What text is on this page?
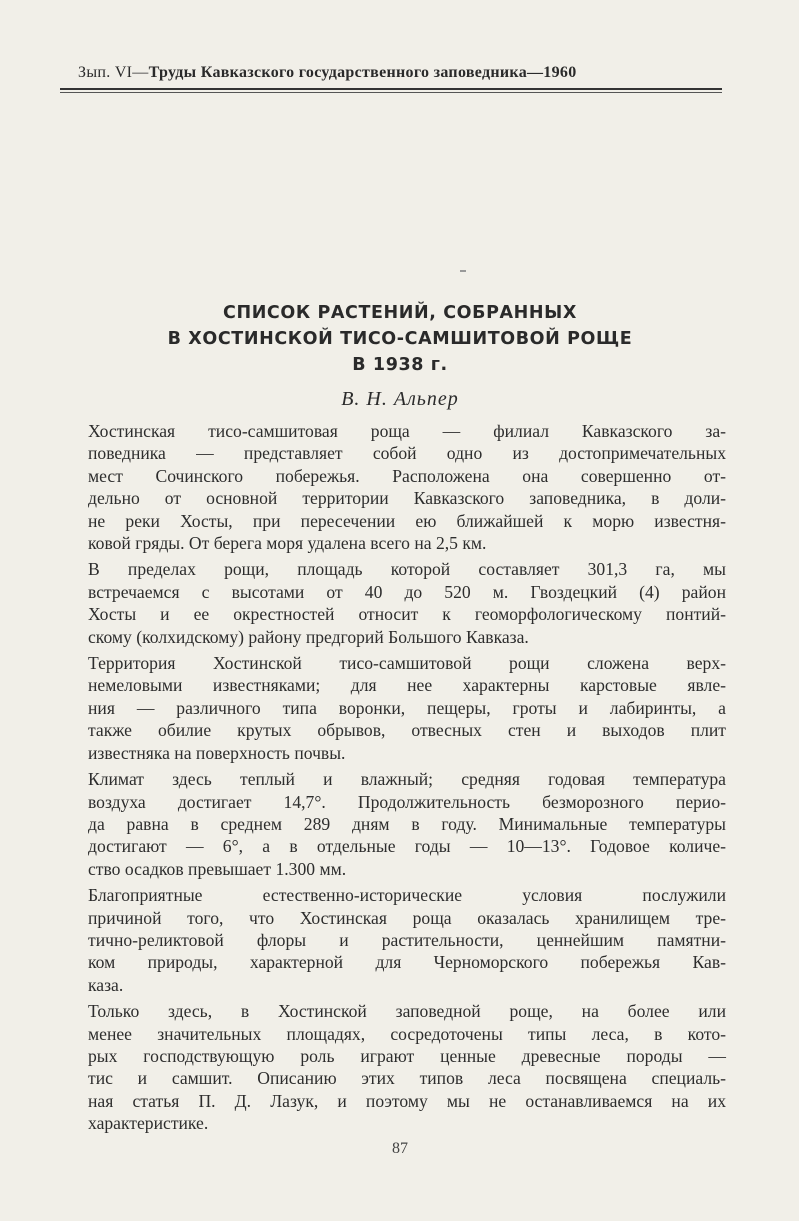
Зып. VI—Труды Кавказского государственного заповедника—1960
СПИСОК РАСТЕНИЙ, СОБРАННЫХ
В ХОСТИНСКОЙ ТИСО-САМШИТОВОЙ РОЩЕ
В 1938 г.
В. Н. Альпер
Хостинская тисо-самшитовая роща — филиал Кавказского за-
поведника — представляет собой одно из достопримечательных
мест Сочинского побережья. Расположена она совершенно от-
дельно от основной территории Кавказского заповедника, в доли-
не реки Хосты, при пересечении ею ближайшей к морю известня-
ковой гряды. От берега моря удалена всего на 2,5 км.
В пределах рощи, площадь которой составляет 301,3 га, мы
встречаемся с высотами от 40 до 520 м. Гвоздецкий (4) район
Хосты и ее окрестностей относит к геоморфологическому понтий-
скому (колхидскому) району предгорий Большого Кавказа.
Территория Хостинской тисо-самшитовой рощи сложена верх-
немеловыми известняками; для нее характерны карстовые явле-
ния — различного типа воронки, пещеры, гроты и лабиринты, а
также обилие крутых обрывов, отвесных стен и выходов плит
известняка на поверхность почвы.
Климат здесь теплый и влажный; средняя годовая температура
воздуха достигает 14,7°. Продолжительность безморозного перио-
да равна в среднем 289 дням в году. Минимальные температуры
достигают — 6°, а в отдельные годы — 10—13°. Годовое количе-
ство осадков превышает 1.300 мм.
Благоприятные естественно-исторические условия послужили
причиной того, что Хостинская роща оказалась хранилищем тре-
тично-реликтовой флоры и растительности, ценнейшим памятни-
ком природы, характерной для Черноморского побережья Кав-
каза.
Только здесь, в Хостинской заповедной роще, на более или
менее значительных площадях, сосредоточены типы леса, в кото-
рых господствующую роль играют ценные древесные породы —
тис и самшит. Описанию этих типов леса посвящена специаль-
ная статья П. Д. Лазук, и поэтому мы не останавливаемся на их
характеристике.
87
